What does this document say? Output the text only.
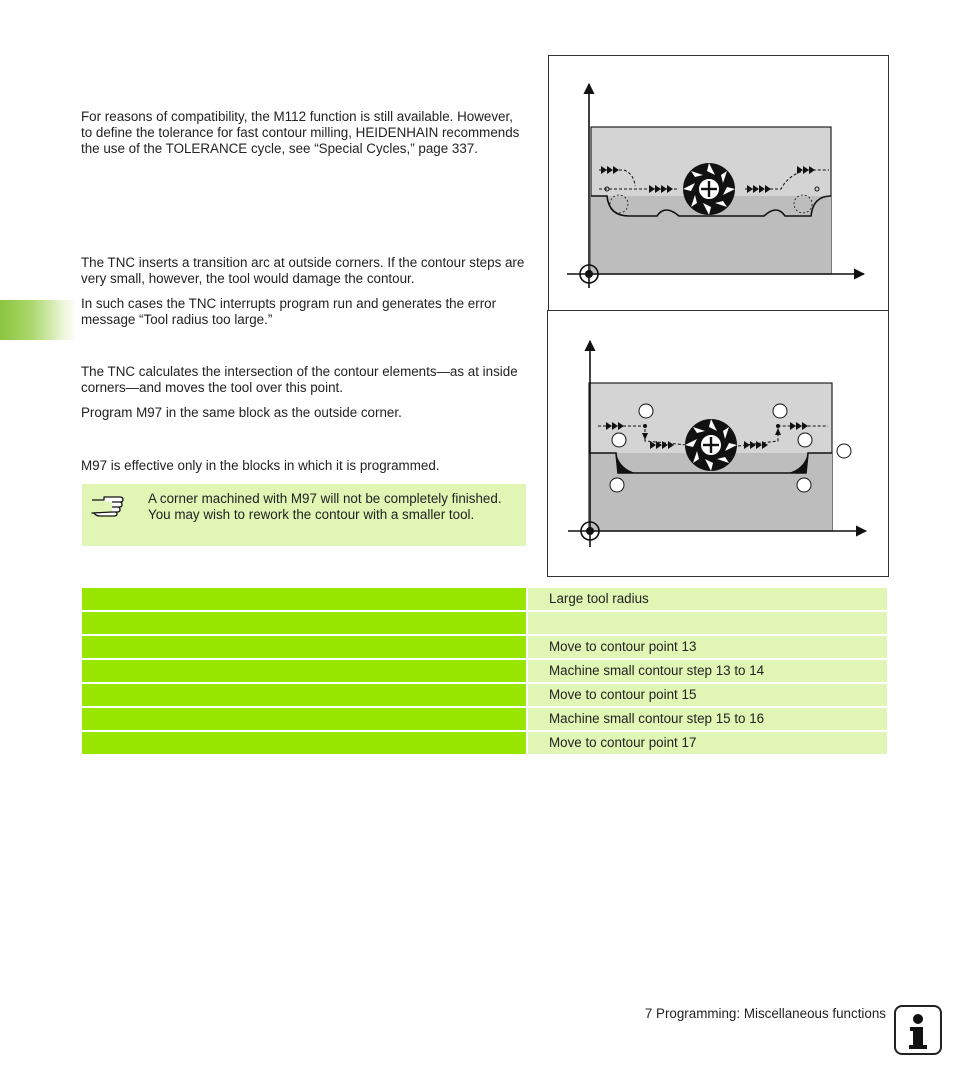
For reasons of compatibility, the M112 function is still available. However, to define the tolerance for fast contour milling, HEIDENHAIN recommends the use of the TOLERANCE cycle, see “Special Cycles,” page 337.

The TNC inserts a transition arc at outside corners. If the contour steps are very small, however, the tool would damage the contour.

In such cases the TNC interrupts program run and generates the error message “Tool radius too large.”

The TNC calculates the intersection of the contour elements—as at inside corners—and moves the tool over this point.

Program M97 in the same block as the outside corner.

M97 is effective only in the blocks in which it is programmed.

A corner machined with M97 will not be completely finished. You may wish to rework the contour with a smaller tool.
Large tool radius
Move to contour point 13
Machine small contour step 13 to 14
Move to contour point 15
Machine small contour step 15 to 16
Move to contour point 17
7 Programming: Miscellaneous functions
